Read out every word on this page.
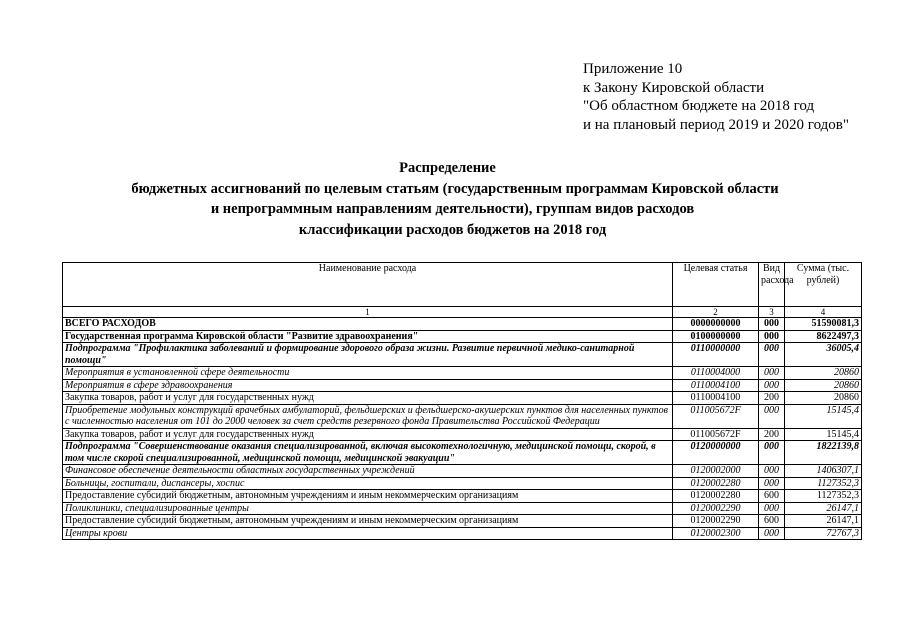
Приложение 10
к Закону Кировской области
"Об областном бюджете на 2018 год
и на плановый период 2019 и 2020 годов"
Распределение
бюджетных ассигнований по целевым статьям (государственным программам Кировской области
и непрограммным направлениям деятельности), группам видов расходов
классификации расходов бюджетов на 2018 год
Наименование расхода	Целевая статья	Вид расхода	Сумма (тыс. рублей)
1	2	3	4
ВСЕГО РАСХОДОВ	0000000000	000	51590081,3
Государственная программа Кировской области "Развитие здравоохранения"	0100000000	000	8622497,3
Подпрограмма "Профилактика заболеваний и формирование здорового образа жизни. Развитие первичной медико-санитарной помощи"	0110000000	000	36005,4
Мероприятия в установленной сфере деятельности	0110004000	000	20860
Мероприятия в сфере здравоохранения	0110004100	000	20860
Закупка товаров, работ и услуг для государственных нужд	0110004100	200	20860
Приобретение модульных конструкций врачебных амбулаторий, фельдшерских и фельдшерско-акушерских пунктов для населенных пунктов с численностью населения от 101 до 2000 человек за счет средств резервного фонда Правительства Российской Федерации	011005672F	000	15145,4
Закупка товаров, работ и услуг для государственных нужд	011005672F	200	15145,4
Подпрограмма "Совершенствование оказания специализированной, включая высокотехнологичную, медицинской помощи, скорой, в том числе скорой специализированной, медицинской помощи, медицинской эвакуации"	0120000000	000	1822139,8
Финансовое обеспечение деятельности областных государственных учреждений	0120002000	000	1406307,1
Больницы, госпитали, диспансеры, хоспис	0120002280	000	1127352,3
Предоставление субсидий бюджетным, автономным учреждениям и иным некоммерческим организациям	0120002280	600	1127352,3
Поликлиники, специализированные центры	0120002290	000	26147,1
Предоставление субсидий бюджетным, автономным учреждениям и иным некоммерческим организациям	0120002290	600	26147,1
Центры крови	0120002300	000	72767,3
